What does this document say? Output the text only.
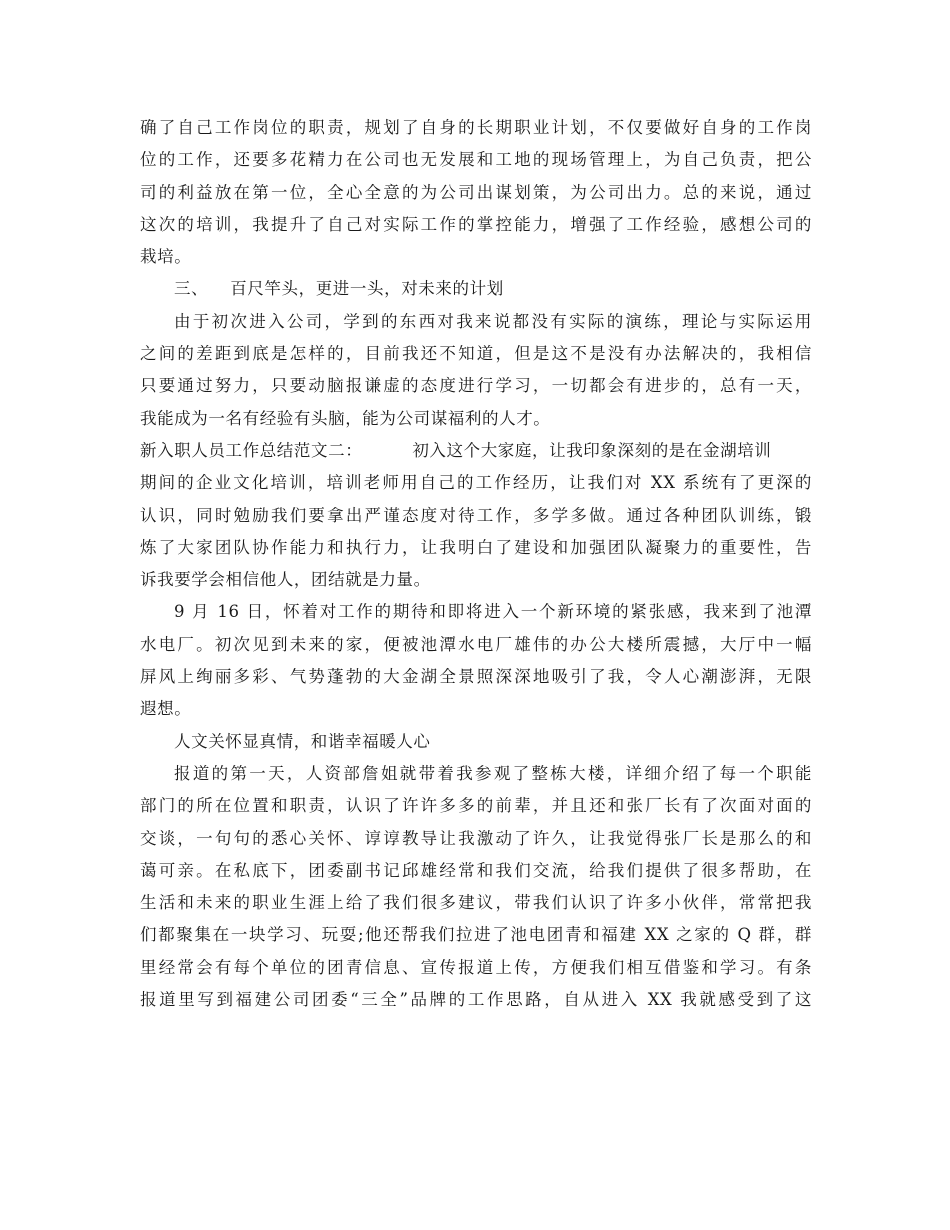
确了自己工作岗位的职责，规划了自身的长期职业计划，不仅要做好自身的工作岗
位的工作，还要多花精力在公司也无发展和工地的现场管理上，为自己负责，把公
司的利益放在第一位，全心全意的为公司出谋划策，为公司出力。总的来说，通过
这次的培训，我提升了自己对实际工作的掌控能力，增强了工作经验，感想公司的
栽培。
三、 百尺竿头，更进一头，对未来的计划
由于初次进入公司，学到的东西对我来说都没有实际的演练，理论与实际运用
之间的差距到底是怎样的，目前我还不知道，但是这不是没有办法解决的，我相信
只要通过努力，只要动脑报谦虚的态度进行学习，一切都会有进步的，总有一天，
我能成为一名有经验有头脑，能为公司谋福利的人才。
新入职人员工作总结范文二：	初入这个大家庭，让我印象深刻的是在金湖培训
期间的企业文化培训，培训老师用自己的工作经历，让我们对 XX 系统有了更深的
认识，同时勉励我们要拿出严谨态度对待工作，多学多做。通过各种团队训练，锻
炼了大家团队协作能力和执行力，让我明白了建设和加强团队凝聚力的重要性，告
诉我要学会相信他人，团结就是力量。
9 月 16 日，怀着对工作的期待和即将进入一个新环境的紧张感，我来到了池潭
水电厂。初次见到未来的家，便被池潭水电厂雄伟的办公大楼所震撼，大厅中一幅
屏风上绚丽多彩、气势蓬勃的大金湖全景照深深地吸引了我，令人心潮澎湃，无限
遐想。
人文关怀显真情，和谐幸福暖人心
报道的第一天，人资部詹姐就带着我参观了整栋大楼，详细介绍了每一个职能
部门的所在位置和职责，认识了许许多多的前辈，并且还和张厂长有了次面对面的
交谈，一句句的悉心关怀、谆谆教导让我激动了许久，让我觉得张厂长是那么的和
蔼可亲。在私底下，团委副书记邱雄经常和我们交流，给我们提供了很多帮助，在
生活和未来的职业生涯上给了我们很多建议，带我们认识了许多小伙伴，常常把我
们都聚集在一块学习、玩耍;他还帮我们拉进了池电团青和福建 XX 之家的 Q 群，群
里经常会有每个单位的团青信息、宣传报道上传，方便我们相互借鉴和学习。有条
报道里写到福建公司团委“三全”品牌的工作思路，自从进入 XX 我就感受到了这
